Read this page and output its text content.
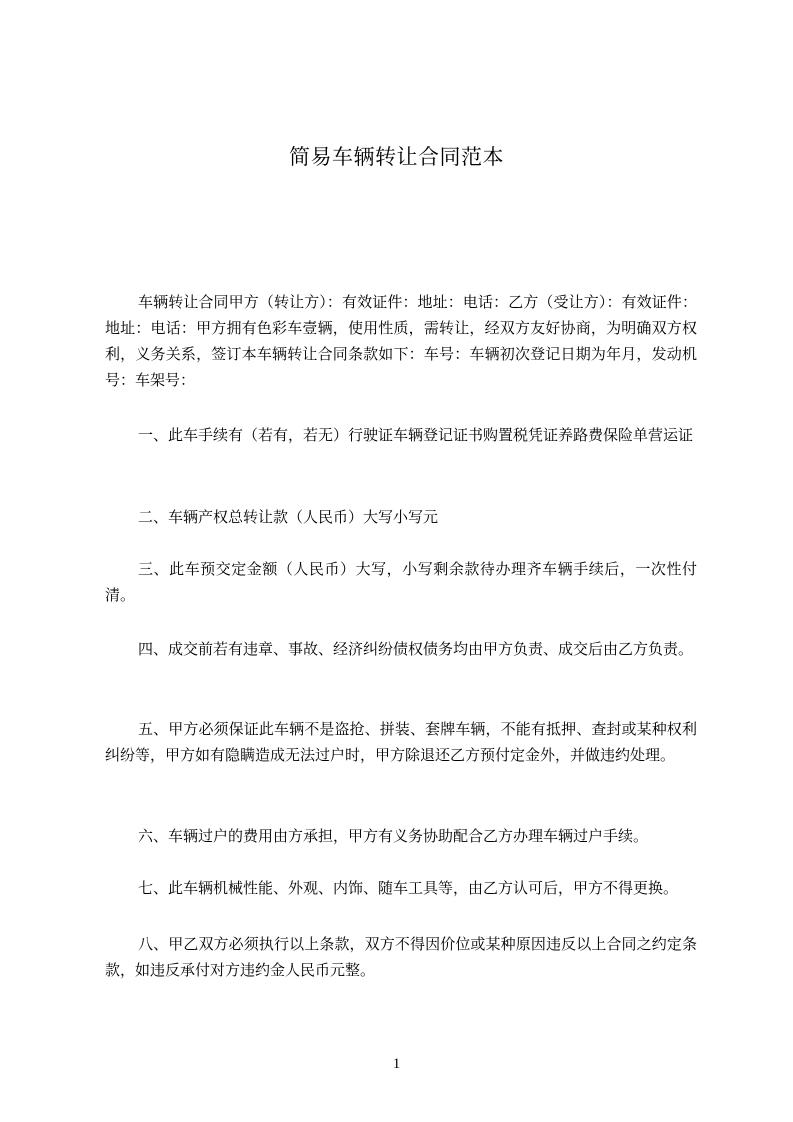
简易车辆转让合同范本

车辆转让合同甲方（转让方）：有效证件：地址：电话：乙方（受让方）：有效证件：地址：电话：甲方拥有色彩车壹辆，使用性质，需转让，经双方友好协商，为明确双方权利，义务关系，签订本车辆转让合同条款如下：车号：车辆初次登记日期为年月，发动机号：车架号：

一、此车手续有（若有，若无）行驶证车辆登记证书购置税凭证养路费保险单营运证

二、车辆产权总转让款（人民币）大写小写元

三、此车预交定金额（人民币）大写，小写剩余款待办理齐车辆手续后，一次性付清。

四、成交前若有违章、事故、经济纠纷债权债务均由甲方负责、成交后由乙方负责。

五、甲方必须保证此车辆不是盗抢、拼装、套牌车辆，不能有抵押、查封或某种权利纠纷等，甲方如有隐瞒造成无法过户时，甲方除退还乙方预付定金外，并做违约处理。

六、车辆过户的费用由方承担，甲方有义务协助配合乙方办理车辆过户手续。

七、此车辆机械性能、外观、内饰、随车工具等，由乙方认可后，甲方不得更换。

八、甲乙双方必须执行以上条款，双方不得因价位或某种原因违反以上合同之约定条款，如违反承付对方违约金人民币元整。

1
